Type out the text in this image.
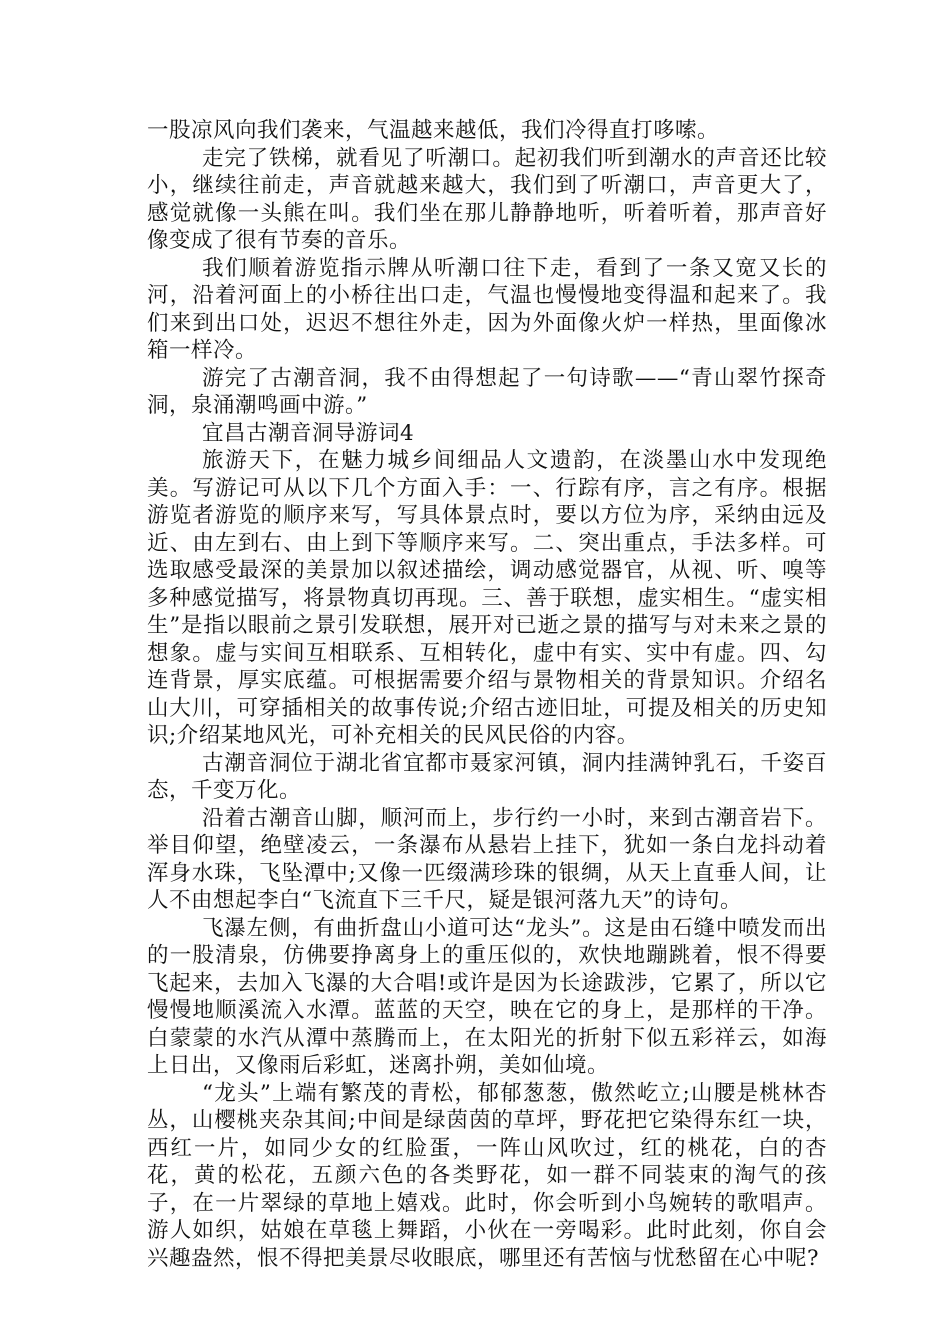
一股凉风向我们袭来，气温越来越低，我们冷得直打哆嗦。

走完了铁梯，就看见了听潮口。起初我们听到潮水的声音还比较小，继续往前走，声音就越来越大，我们到了听潮口，声音更大了，感觉就像一头熊在叫。我们坐在那儿静静地听，听着听着，那声音好像变成了很有节奏的音乐。

我们顺着游览指示牌从听潮口往下走，看到了一条又宽又长的河，沿着河面上的小桥往出口走，气温也慢慢地变得温和起来了。我们来到出口处，迟迟不想往外走，因为外面像火炉一样热，里面像冰箱一样冷。

游完了古潮音洞，我不由得想起了一句诗歌——“青山翠竹探奇洞，泉涌潮鸣画中游。”

宜昌古潮音洞导游词4

旅游天下，在魅力城乡间细品人文遗韵，在淡墨山水中发现绝美。写游记可从以下几个方面入手：一、行踪有序，言之有序。根据游览者游览的顺序来写，写具体景点时，要以方位为序，采纳由远及近、由左到右、由上到下等顺序来写。二、突出重点，手法多样。可选取感受最深的美景加以叙述描绘，调动感觉器官，从视、听、嗅等多种感觉描写，将景物真切再现。三、善于联想，虚实相生。“虚实相生”是指以眼前之景引发联想，展开对已逝之景的描写与对未来之景的想象。虚与实间互相联系、互相转化，虚中有实、实中有虚。四、勾连背景，厚实底蕴。可根据需要介绍与景物相关的背景知识。介绍名山大川，可穿插相关的故事传说;介绍古迹旧址，可提及相关的历史知识;介绍某地风光，可补充相关的民风民俗的内容。

古潮音洞位于湖北省宜都市聂家河镇，洞内挂满钟乳石，千姿百态，千变万化。

沿着古潮音山脚，顺河而上，步行约一小时，来到古潮音岩下。举目仰望，绝壁凌云，一条瀑布从悬岩上挂下，犹如一条白龙抖动着浑身水珠，飞坠潭中;又像一匹缀满珍珠的银绸，从天上直垂人间，让人不由想起李白“飞流直下三千尺，疑是银河落九天”的诗句。

飞瀑左侧，有曲折盘山小道可达“龙头”。这是由石缝中喷发而出的一股清泉，仿佛要挣离身上的重压似的，欢快地蹦跳着，恨不得要飞起来，去加入飞瀑的大合唱!或许是因为长途跋涉，它累了，所以它慢慢地顺溪流入水潭。蓝蓝的天空，映在它的身上，是那样的干净。白蒙蒙的水汽从潭中蒸腾而上，在太阳光的折射下似五彩祥云，如海上日出，又像雨后彩虹，迷离扑朔，美如仙境。

“龙头”上端有繁茂的青松，郁郁葱葱，傲然屹立;山腰是桃林杏丛，山樱桃夹杂其间;中间是绿茵茵的草坪，野花把它染得东红一块，西红一片，如同少女的红脸蛋，一阵山风吹过，红的桃花，白的杏花，黄的松花，五颜六色的各类野花，如一群不同装束的淘气的孩子，在一片翠绿的草地上嬉戏。此时，你会听到小鸟婉转的歌唱声。游人如织，姑娘在草毯上舞蹈，小伙在一旁喝彩。此时此刻，你自会兴趣盎然，恨不得把美景尽收眼底，哪里还有苦恼与忧愁留在心中呢?
